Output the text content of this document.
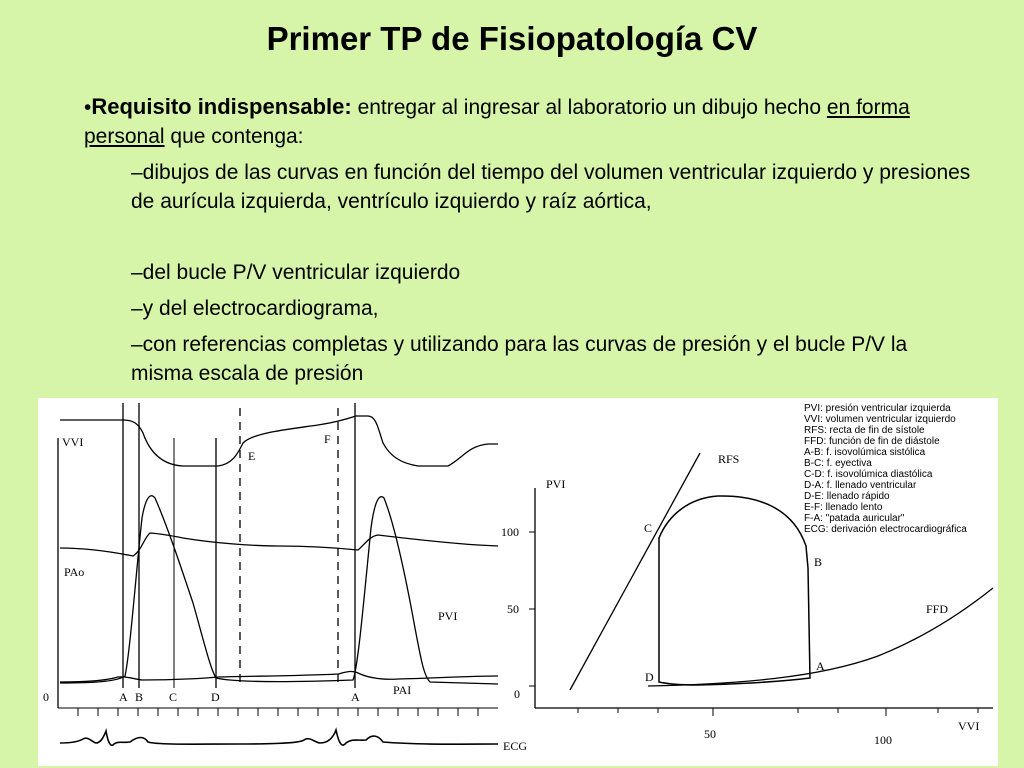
Primer TP de Fisiopatología CV
•Requisito indispensable: entregar al ingresar al laboratorio un dibujo hecho en forma personal que contenga:
–dibujos de las curvas en función del tiempo del volumen ventricular izquierdo y presiones de aurícula izquierda, ventrículo izquierdo y raíz aórtica,
–del bucle P/V ventricular izquierdo
–y del electrocardiograma,
–con referencias completas y utilizando para las curvas de presión y el bucle P/V la misma escala de presión
VVI
PAo
PVI
PAI
ECG
E
F
0	A B C	D	A
PVI
VVI
100
50
0
50	100
RFS
FFD
A
B
C
D
PVI: presión ventricular izquierda
VVI: volumen ventricular izquierdo
RFS: recta de fin de sístole
FFD: función de fin de diástole
A-B: f. isovolúmica sistólica
B-C: f. eyectiva
C-D: f. isovolúmica diastólica
D-A: f. llenado ventricular
D-E: llenado rápido
E-F: llenado lento
F-A: "patada auricular"
ECG: derivación electrocardiográfica
